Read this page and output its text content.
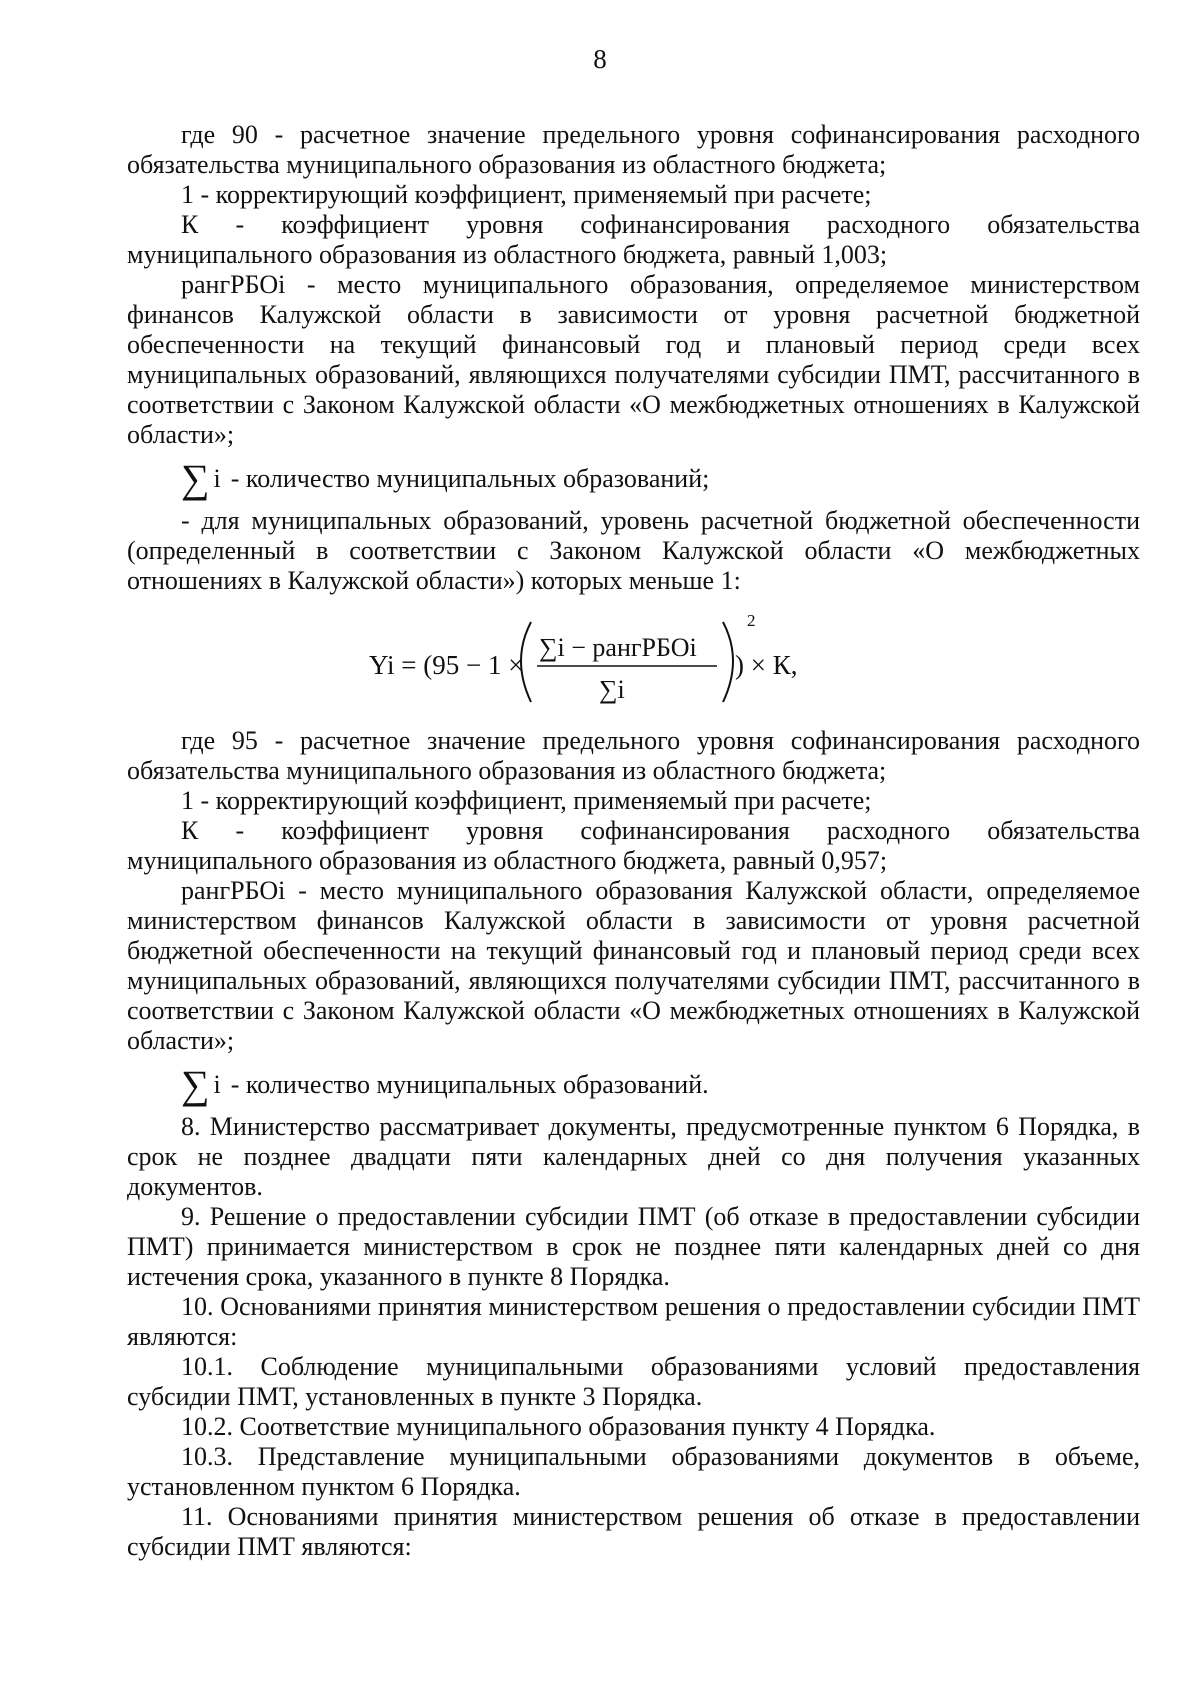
8

где 90 - расчетное значение предельного уровня софинансирования расходного обязательства муниципального образования из областного бюджета;

1 - корректирующий коэффициент, применяемый при расчете;

К - коэффициент уровня софинансирования расходного обязательства муниципального образования из областного бюджета, равный 1,003;

рангРБОi - место муниципального образования, определяемое министерством финансов Калужской области в зависимости от уровня расчетной бюджетной обеспеченности на текущий финансовый год и плановый период среди всех муниципальных образований, являющихся получателями субсидии ПМТ, рассчитанного в соответствии с Законом Калужской области «О межбюджетных отношениях в Калужской области»;

∑ i - количество муниципальных образований;

- для муниципальных образований, уровень расчетной бюджетной обеспеченности (определенный в соответствии с Законом Калужской области «О межбюджетных отношениях в Калужской области») которых меньше 1:

Yi = (95 − 1 ×
∑i − рангРБОi
∑i
2
) × К,

где 95 - расчетное значение предельного уровня софинансирования расходного обязательства муниципального образования из областного бюджета;

1 - корректирующий коэффициент, применяемый при расчете;

К - коэффициент уровня софинансирования расходного обязательства муниципального образования из областного бюджета, равный 0,957;

рангРБОi - место муниципального образования Калужской области, определяемое министерством финансов Калужской области в зависимости от уровня расчетной бюджетной обеспеченности на текущий финансовый год и плановый период среди всех муниципальных образований, являющихся получателями субсидии ПМТ, рассчитанного в соответствии с Законом Калужской области «О межбюджетных отношениях в Калужской области»;

∑ i - количество муниципальных образований.

8. Министерство рассматривает документы, предусмотренные пунктом 6 Порядка, в срок не позднее двадцати пяти календарных дней со дня получения указанных документов.

9. Решение о предоставлении субсидии ПМТ (об отказе в предоставлении субсидии ПМТ) принимается министерством в срок не позднее пяти календарных дней со дня истечения срока, указанного в пункте 8 Порядка.

10. Основаниями принятия министерством решения о предоставлении субсидии ПМТ являются:

10.1. Соблюдение муниципальными образованиями условий предоставления субсидии ПМТ, установленных в пункте 3 Порядка.

10.2. Соответствие муниципального образования пункту 4 Порядка.

10.3. Представление муниципальными образованиями документов в объеме, установленном пунктом 6 Порядка.

11. Основаниями принятия министерством решения об отказе в предоставлении субсидии ПМТ являются:
